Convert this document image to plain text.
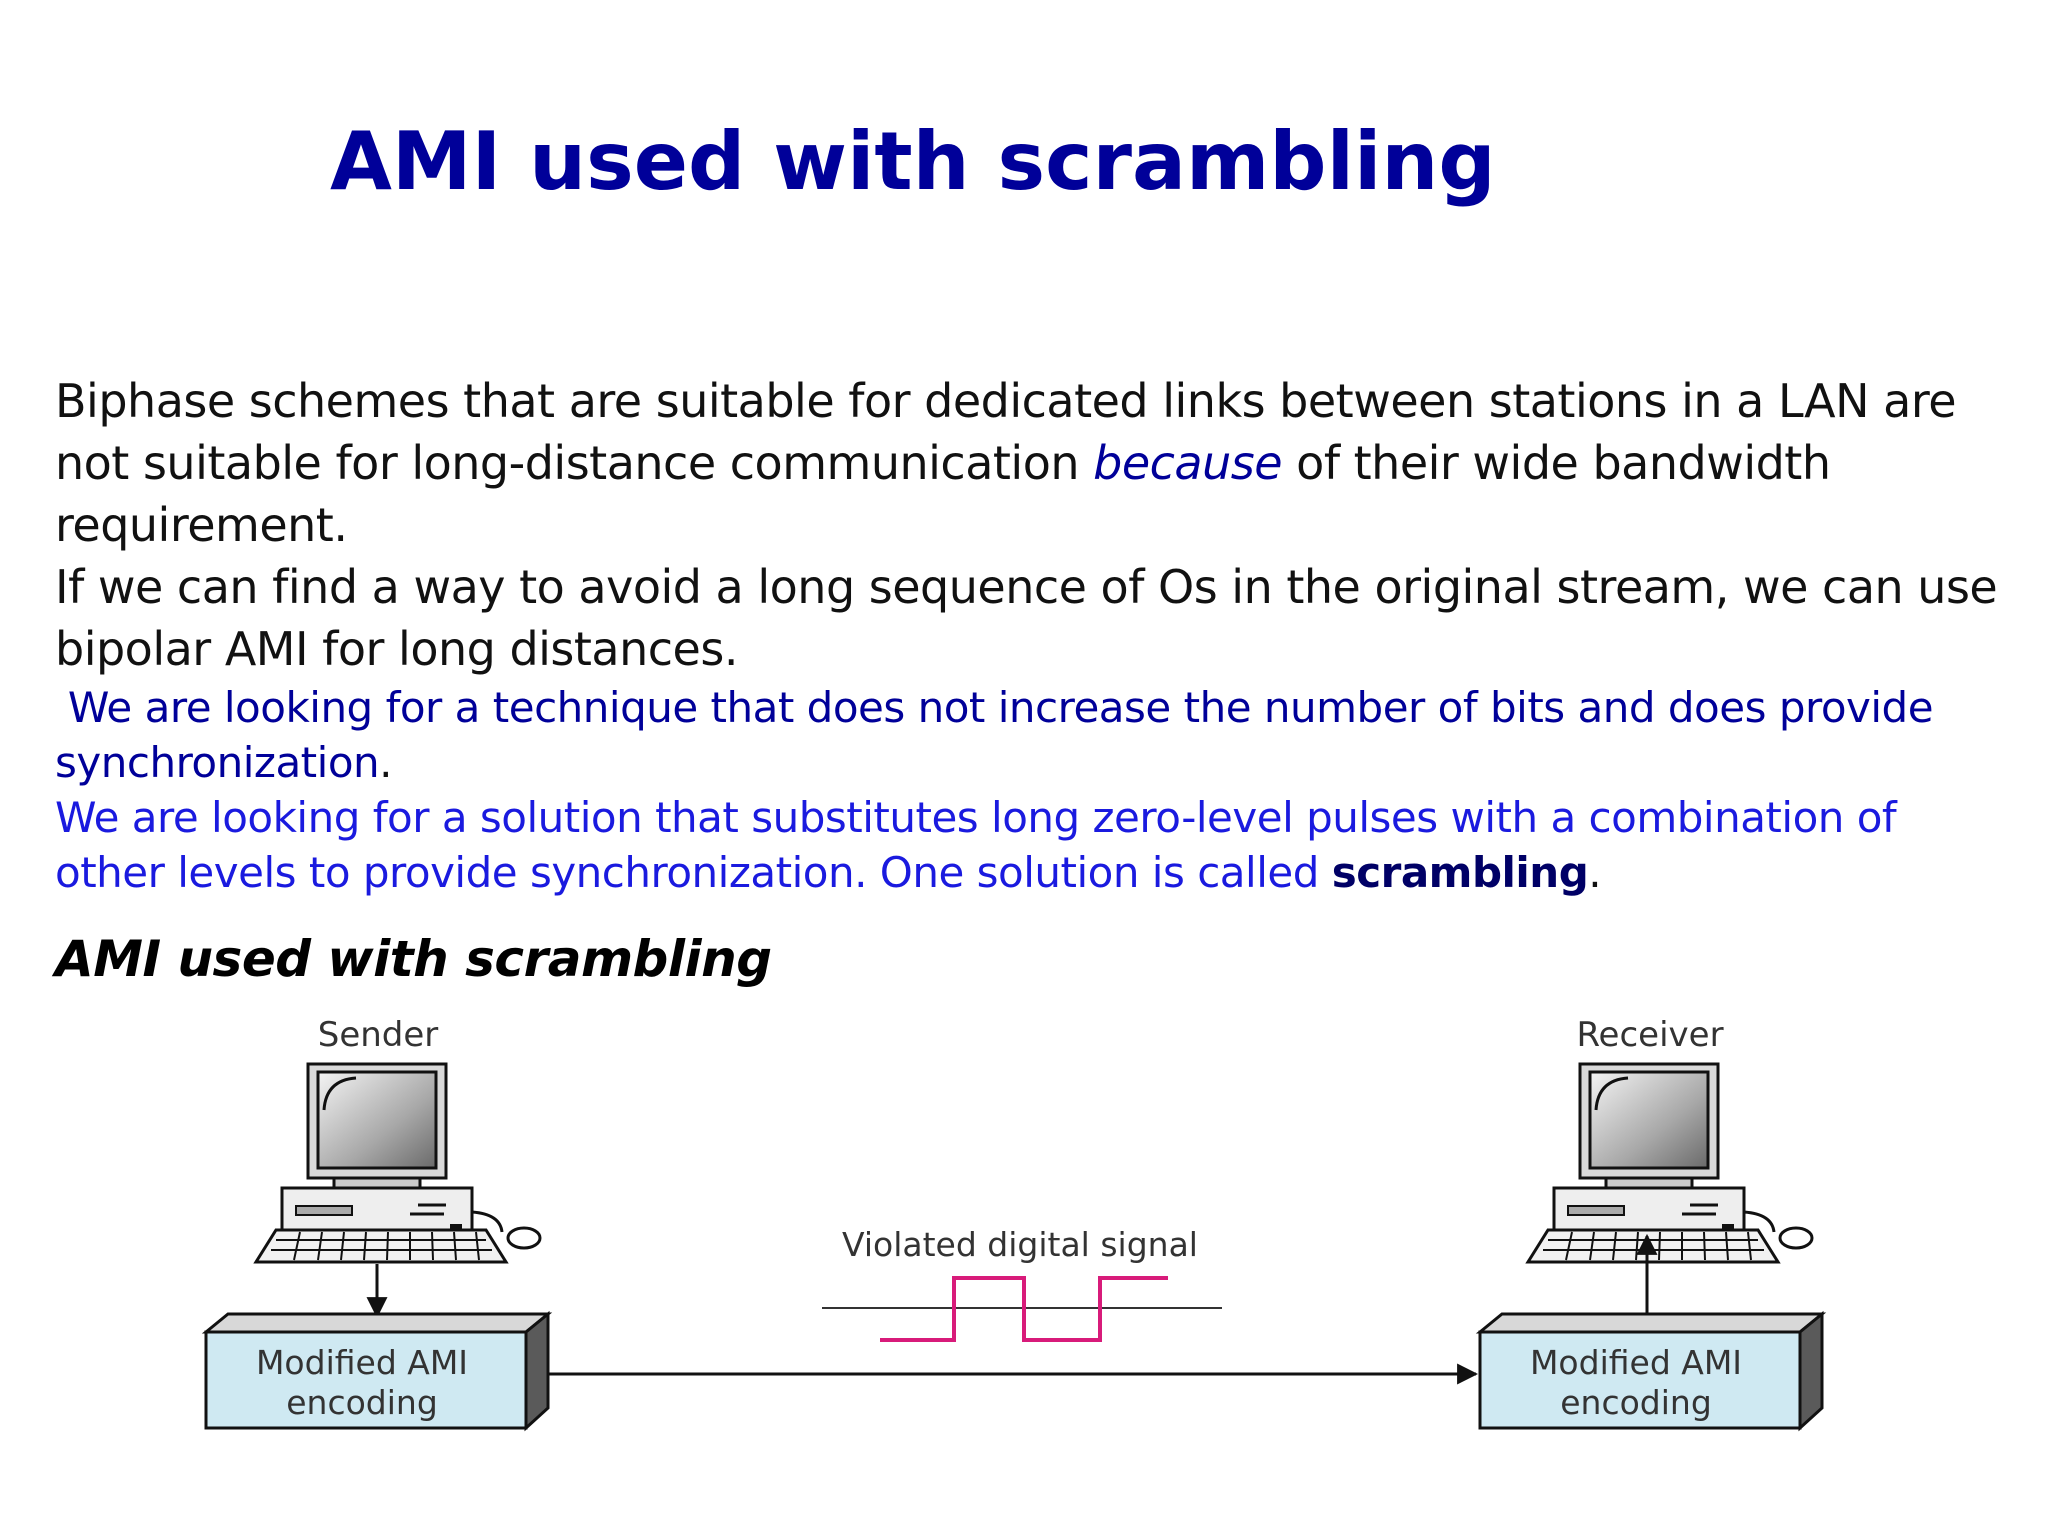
AMI used with scrambling

Biphase schemes that are suitable for dedicated links between stations in a LAN are not suitable for long-distance communication because of their wide bandwidth requirement.

If we can find a way to avoid a long sequence of Os in the original stream, we can use bipolar AMI for long distances.

We are looking for a technique that does not increase the number of bits and does provide synchronization.

We are looking for a solution that substitutes long zero-level pulses with a combination of other levels to provide synchronization. One solution is called scrambling.

AMI used with scrambling
Sender	Receiver
Modified AMI
encoding
Modified AMI
encoding
Violated digital signal
